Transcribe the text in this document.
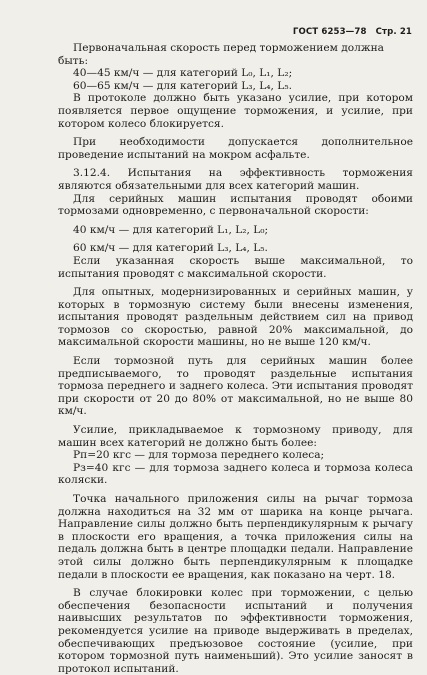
ГОСТ 6253—78 Стр. 21

Первоначальная скорость перед торможением должна быть:

40—45 км/ч — для категорий L₀, L₁, L₂;

60—65 км/ч — для категорий L₃, L₄, L₅.

В протоколе должно быть указано усилие, при котором появляется первое ощущение торможения, и усилие, при котором колесо блокируется.

При необходимости допускается дополнительное проведение испытаний на мокром асфальте.

3.12.4. Испытания на эффективность торможения являются обязательными для всех категорий машин.

Для серийных машин испытания проводят обоими тормозами одновременно, с первоначальной скорости:

40 км/ч — для категорий L₁, L₂, L₀;

60 км/ч — для категорий L₃, L₄, L₅.

Если указанная скорость выше максимальной, то испытания проводят с максимальной скорости.

Для опытных, модернизированных и серийных машин, у которых в тормозную систему были внесены изменения, испытания проводят раздельным действием сил на привод тормозов со скоростью, равной 20% максимальной, до максимальной скорости машины, но не выше 120 км/ч.

Если тормозной путь для серийных машин более предписываемого, то проводят раздельные испытания тормоза переднего и заднего колеса. Эти испытания проводят при скорости от 20 до 80% от максимальной, но не выше 80 км/ч.

Усилие, прикладываемое к тормозному приводу, для машин всех категорий не должно быть более:

Pп=20 кгс — для тормоза переднего колеса;

Pз=40 кгс — для тормоза заднего колеса и тормоза колеса коляски.

Точка начального приложения силы на рычаг тормоза должна находиться на 32 мм от шарика на конце рычага. Направление силы должно быть перпендикулярным к рычагу в плоскости его вращения, а точка приложения силы на педаль должна быть в центре площадки педали. Направление этой силы должно быть перпендикулярным к площадке педали в плоскости ее вращения, как показано на черт. 18.

В случае блокировки колес при торможении, с целью обеспечения безопасности испытаний и получения наивысших результатов по эффективности торможения, рекомендуется усилие на приводе выдерживать в пределах, обеспечивающих предъюзовое состояние (усилие, при котором тормозной путь наименьший). Это усилие заносят в протокол испытаний.
